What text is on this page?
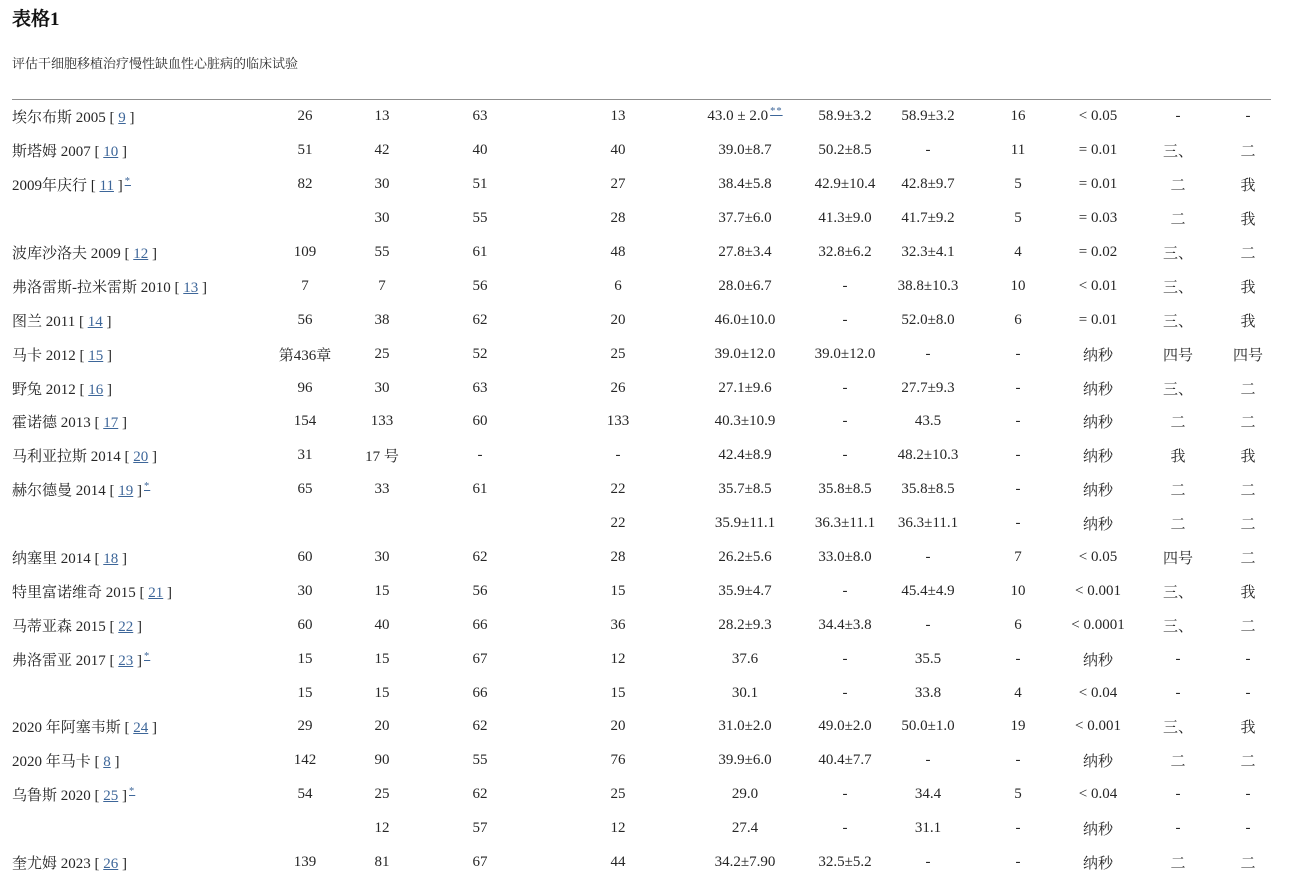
表格1

评估干细胞移植治疗慢性缺血性心脏病的临床试验

埃尔布斯 2005 [ 9 ]	26	13	63	13	43.0 ± 2.0 **	58.9±3.2	58.9±3.2	16	< 0.05	-	-
斯塔姆 2007 [ 10 ]	51	42	40	40	39.0±8.7	50.2±8.5	-	11	= 0.01	三、	二
2009年庆行 [ 11 ] *	82	30	51	27	38.4±5.8	42.9±10.4	42.8±9.7	5	= 0.01	二	我
		30	55	28	37.7±6.0	41.3±9.0	41.7±9.2	5	= 0.03	二	我
波库沙洛夫 2009 [ 12 ]	109	55	61	48	27.8±3.4	32.8±6.2	32.3±4.1	4	= 0.02	三、	二
弗洛雷斯-拉米雷斯 2010 [ 13 ]	7	7	56	6	28.0±6.7	-	38.8±10.3	10	< 0.01	三、	我
图兰 2011 [ 14 ]	56	38	62	20	46.0±10.0	-	52.0±8.0	6	= 0.01	三、	我
马卡 2012 [ 15 ]	第436章	25	52	25	39.0±12.0	39.0±12.0	-	-	纳秒	四号	四号
野兔 2012 [ 16 ]	96	30	63	26	27.1±9.6	-	27.7±9.3	-	纳秒	三、	二
霍诺德 2013 [ 17 ]	154	133	60	133	40.3±10.9	-	43.5	-	纳秒	二	二
马利亚拉斯 2014 [ 20 ]	31	17 号	-	-	42.4±8.9	-	48.2±10.3	-	纳秒	我	我
赫尔德曼 2014 [ 19 ] *	65	33	61	22	35.7±8.5	35.8±8.5	35.8±8.5	-	纳秒	二	二
				22	35.9±11.1	36.3±11.1	36.3±11.1	-	纳秒	二	二
纳塞里 2014 [ 18 ]	60	30	62	28	26.2±5.6	33.0±8.0	-	7	< 0.05	四号	二
特里富诺维奇 2015 [ 21 ]	30	15	56	15	35.9±4.7	-	45.4±4.9	10	< 0.001	三、	我
马蒂亚森 2015 [ 22 ]	60	40	66	36	28.2±9.3	34.4±3.8	-	6	< 0.0001	三、	二
弗洛雷亚 2017 [ 23 ] *	15	15	67	12	37.6	-	35.5	-	纳秒	-	-
	15	15	66	15	30.1	-	33.8	4	< 0.04	-	-
2020 年阿塞韦斯 [ 24 ]	29	20	62	20	31.0±2.0	49.0±2.0	50.0±1.0	19	< 0.001	三、	我
2020 年马卡 [ 8 ]	142	90	55	76	39.9±6.0	40.4±7.7	-	-	纳秒	二	二
乌鲁斯 2020 [ 25 ] *	54	25	62	25	29.0	-	34.4	5	< 0.04	-	-
		12	57	12	27.4	-	31.1	-	纳秒	-	-
奎尤姆 2023 [ 26 ]	139	81	67	44	34.2±7.90	32.5±5.2	-	-	纳秒	二	二
